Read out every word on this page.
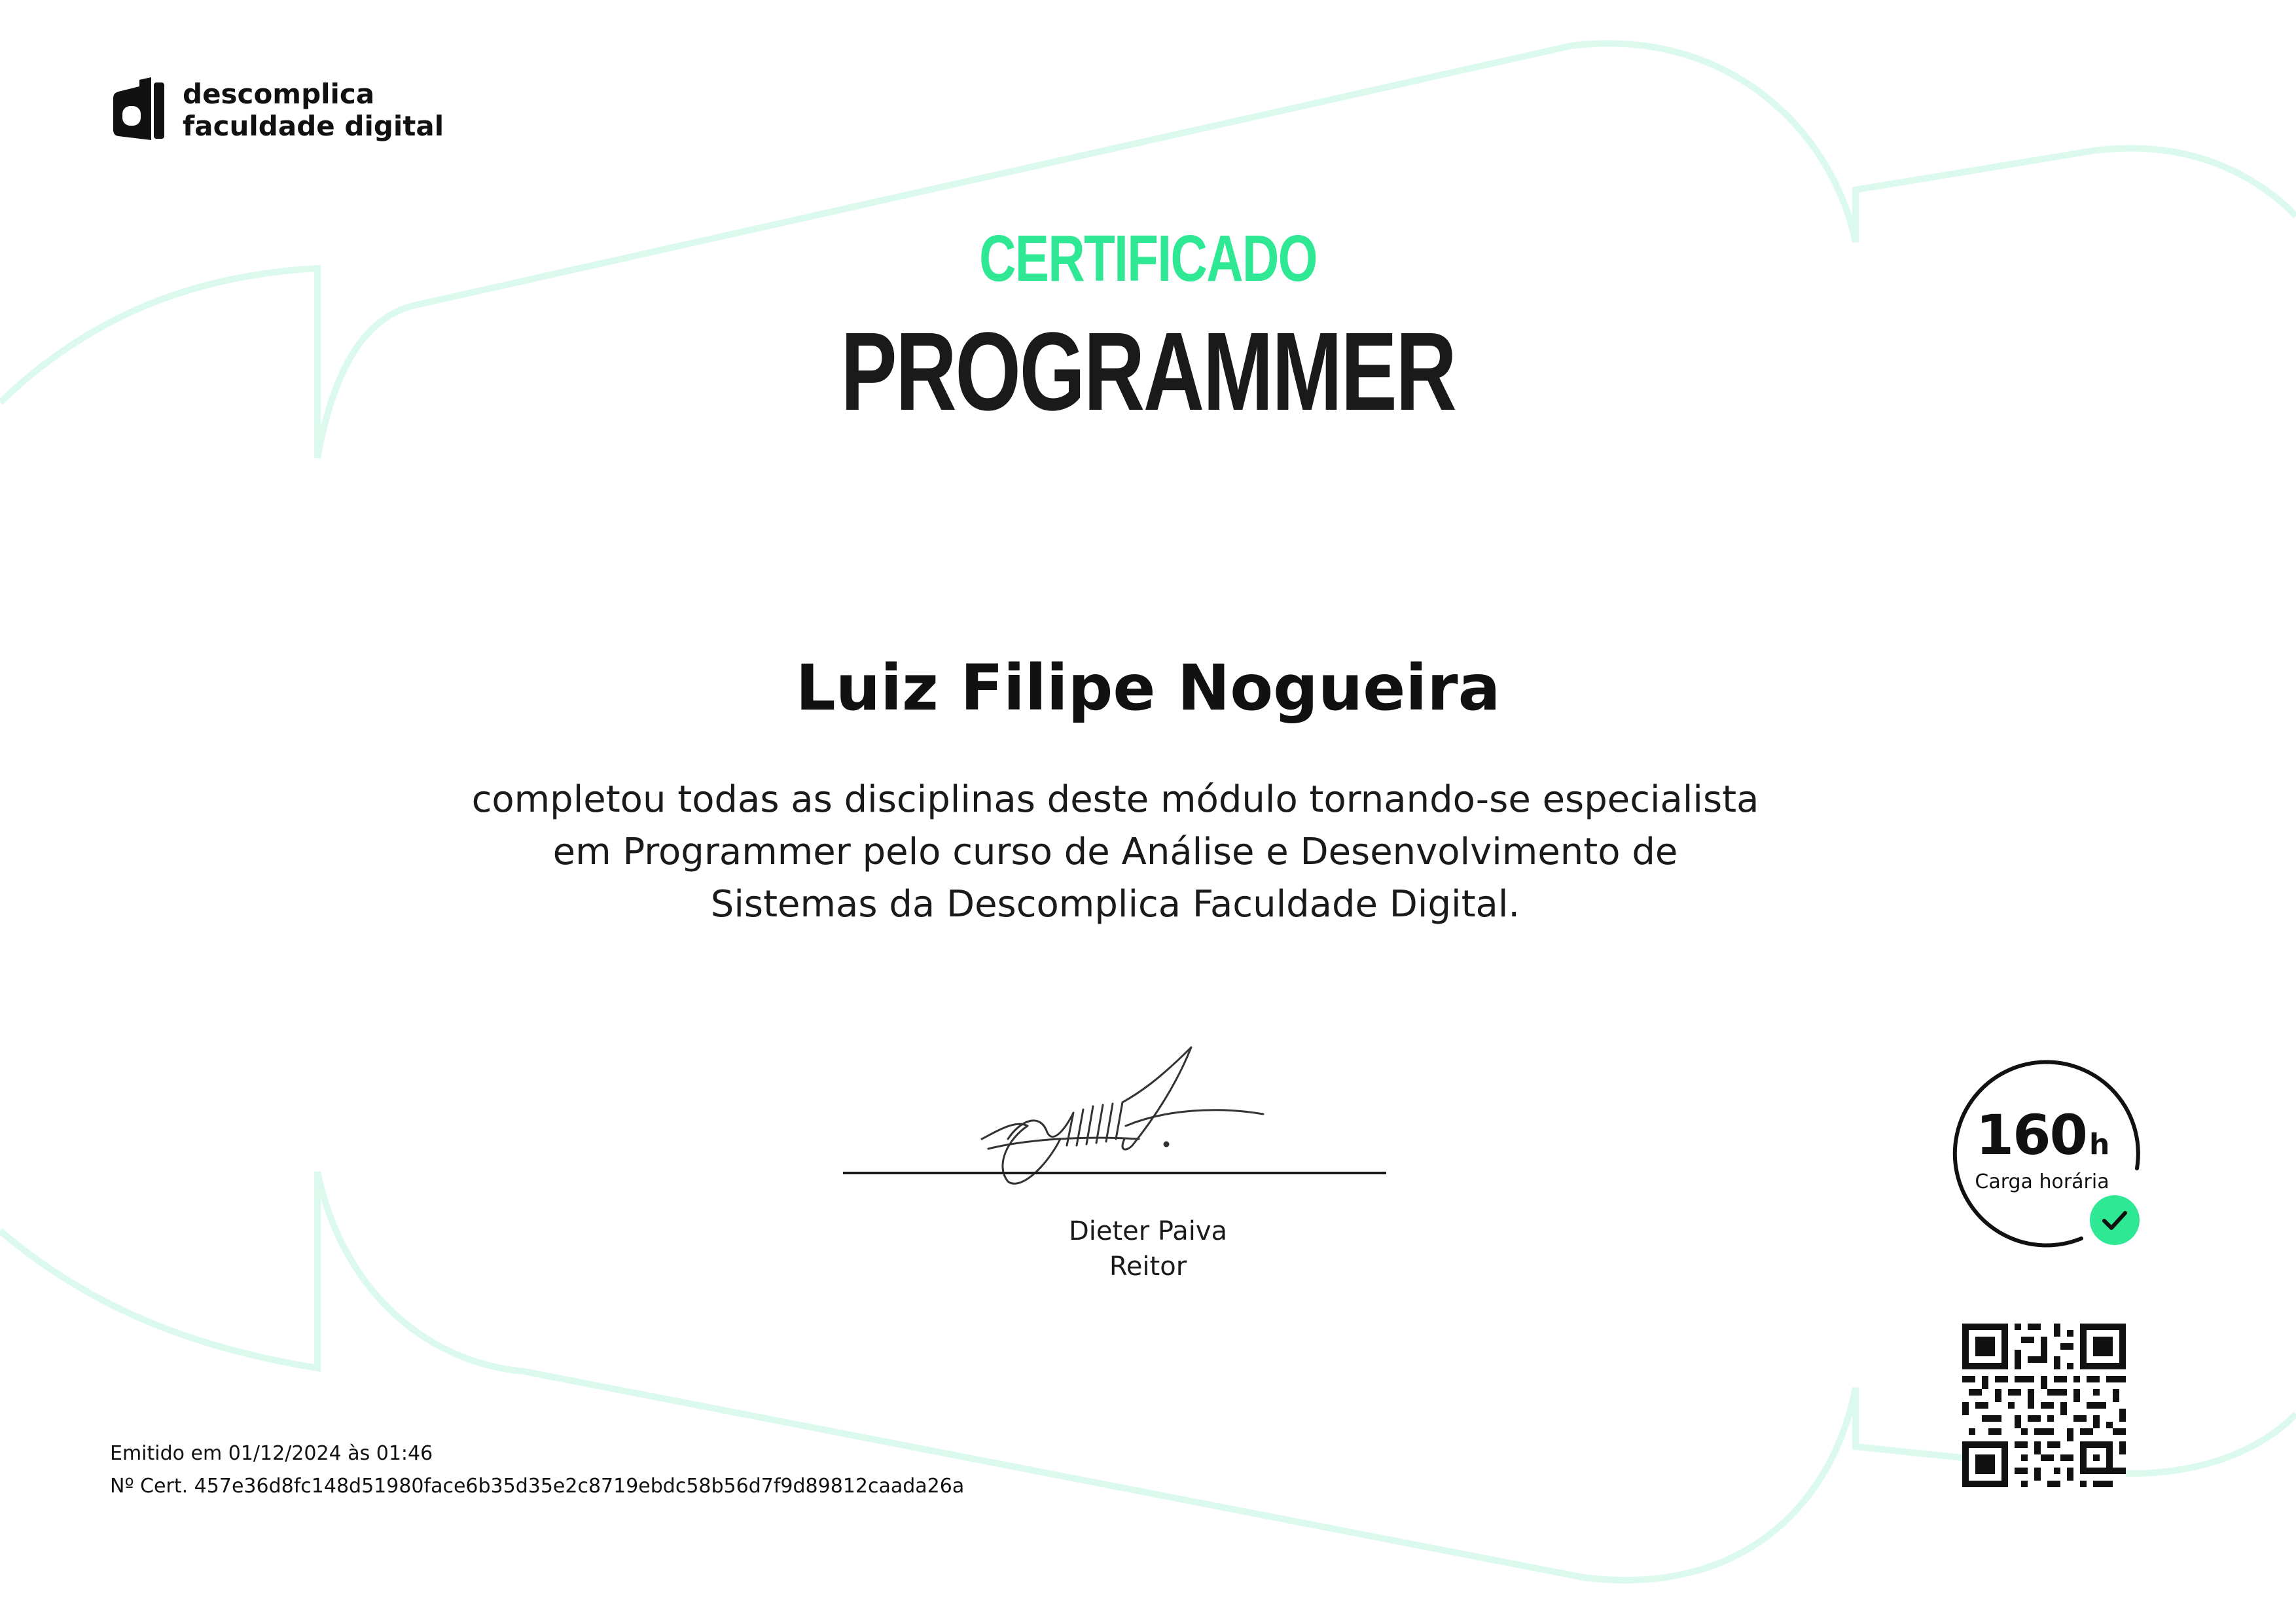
descomplica
faculdade digital
CERTIFICADO
PROGRAMMER
Luiz Filipe Nogueira
completou todas as disciplinas deste módulo tornando-se especialista
em Programmer pelo curso de Análise e Desenvolvimento de
Sistemas da Descomplica Faculdade Digital.
Dieter Paiva
Reitor
160h
Carga horária
Emitido em 01/12/2024 às 01:46
Nº Cert. 457e36d8fc148d51980face6b35d35e2c8719ebdc58b56d7f9d89812caada26a
